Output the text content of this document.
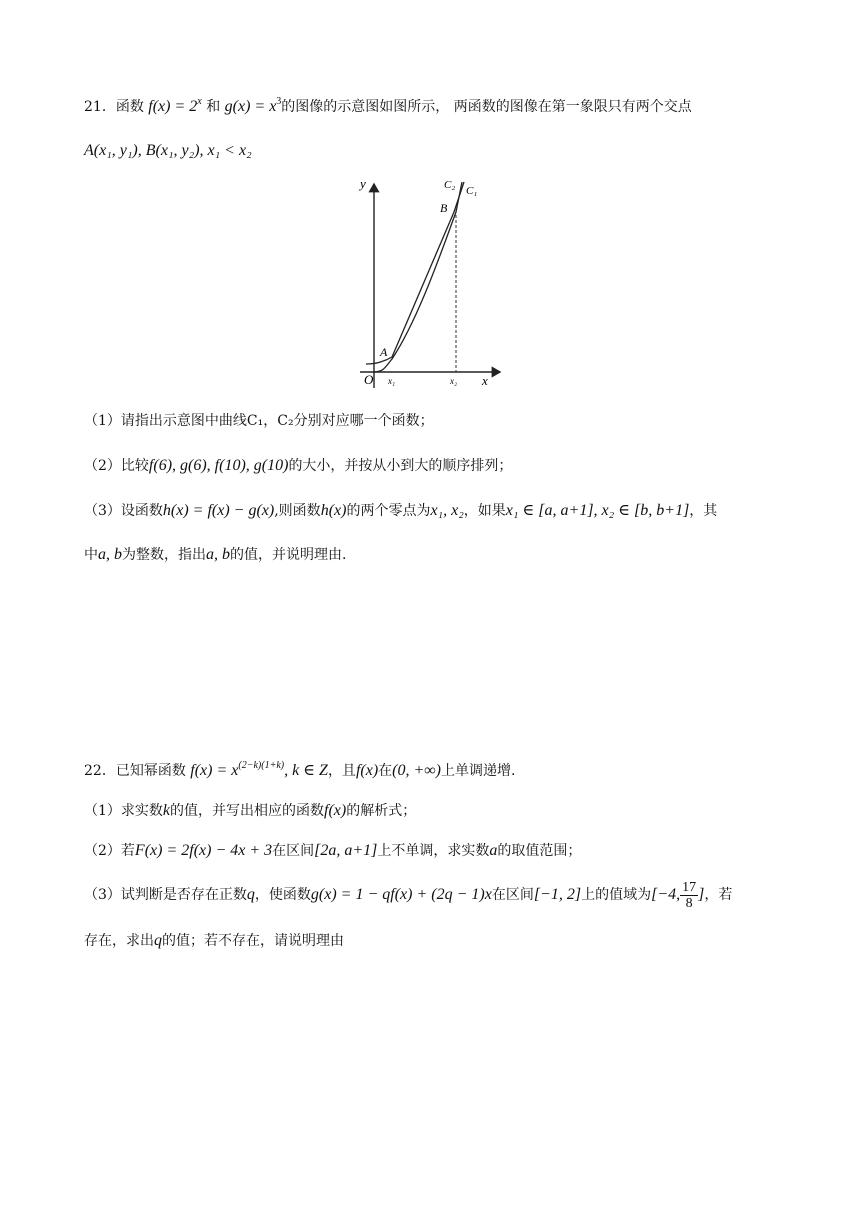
21．函数 $f(x) = 2^x$ 和 $g(x) = x^3$的图像的示意图如图所示， 两函数的图像在第一象限只有两个交点
A(x₁, y₁), B(x₁, y₂), x₁ < x₂
y
x
O
A
B
C₂ C₁
x₁	x₂
（1）请指出示意图中曲线C₁，C₂分别对应哪一个函数；
（2）比较f(6), g(6), f(10), g(10)的大小，并按从小到大的顺序排列；
（3）设函数h(x) = f(x) − g(x),则函数h(x)的两个零点为x₁, x₂，如果x₁ ∈ [a, a+1], x₂ ∈ [b, b+1]，其
中a, b为整数，指出a, b的值，并说明理由.
22．已知幂函数 $f(x) = x^{(2-k)(1+k)}$, k ∈ Z，且f(x)在(0, +∞)上单调递增.
（1）求实数k的值，并写出相应的函数f(x)的解析式；
（2）若F(x) = 2f(x) − 4x + 3在区间[2a, a+1]上不单调，求实数a的取值范围；
（3）试判断是否存在正数q，使函数g(x) = 1 − qf(x) + (2q − 1)x在区间[−1, 2]上的值域为[−4, $\frac{17}{8}$ ]，若
存在，求出q的值；若不存在，请说明理由
